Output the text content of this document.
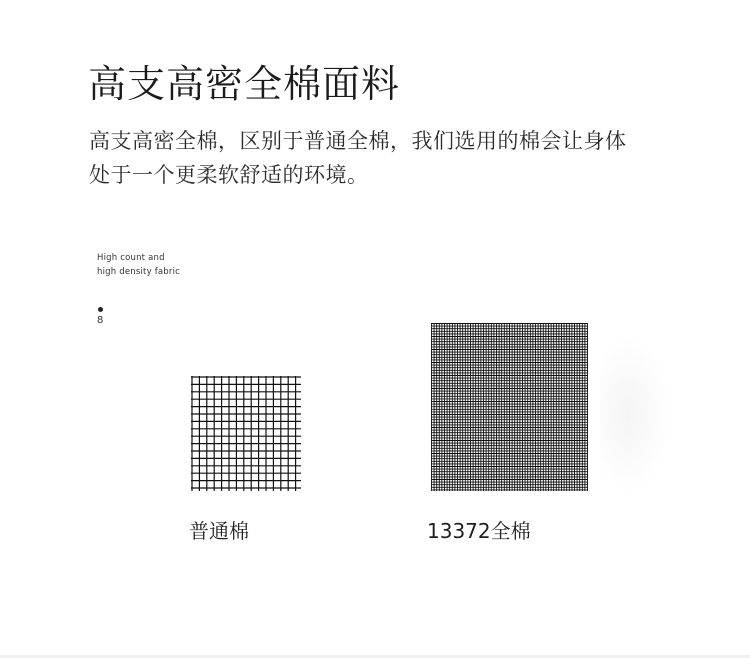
高支高密全棉面料
高支高密全棉，区别于普通全棉，我们选用的棉会让身体
处于一个更柔软舒适的环境。
High count and
high density fabric
8
普通棉	13372全棉
